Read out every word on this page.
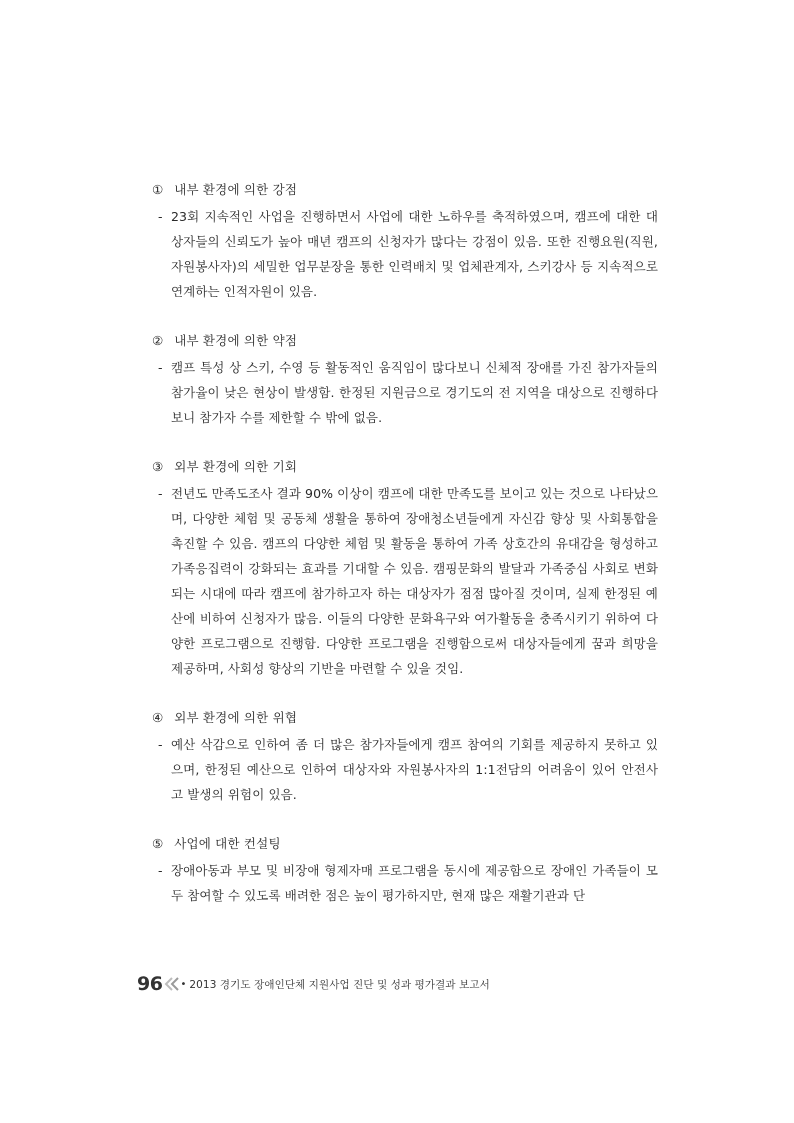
① 내부 환경에 의한 강점

- 23회 지속적인 사업을 진행하면서 사업에 대한 노하우를 축적하였으며, 캠프에 대한 대상자들의 신뢰도가 높아 매년 캠프의 신청자가 많다는 강점이 있음. 또한 진행요원(직원, 자원봉사자)의 세밀한 업무분장을 통한 인력배치 및 업체관계자, 스키강사 등 지속적으로 연계하는 인적자원이 있음.

② 내부 환경에 의한 약점

- 캠프 특성 상 스키, 수영 등 활동적인 움직임이 많다보니 신체적 장애를 가진 참가자들의 참가율이 낮은 현상이 발생함. 한정된 지원금으로 경기도의 전 지역을 대상으로 진행하다보니 참가자 수를 제한할 수 밖에 없음.

③ 외부 환경에 의한 기회

- 전년도 만족도조사 결과 90% 이상이 캠프에 대한 만족도를 보이고 있는 것으로 나타났으며, 다양한 체험 및 공동체 생활을 통하여 장애청소년들에게 자신감 향상 및 사회통합을 촉진할 수 있음. 캠프의 다양한 체험 및 활동을 통하여 가족 상호간의 유대감을 형성하고 가족응집력이 강화되는 효과를 기대할 수 있음. 캠핑문화의 발달과 가족중심 사회로 변화되는 시대에 따라 캠프에 참가하고자 하는 대상자가 점점 많아질 것이며, 실제 한정된 예산에 비하여 신청자가 많음. 이들의 다양한 문화욕구와 여가활동을 충족시키기 위하여 다양한 프로그램으로 진행함. 다양한 프로그램을 진행함으로써 대상자들에게 꿈과 희망을 제공하며, 사회성 향상의 기반을 마련할 수 있을 것임.

④ 외부 환경에 의한 위협

- 예산 삭감으로 인하여 좀 더 많은 참가자들에게 캠프 참여의 기회를 제공하지 못하고 있으며, 한정된 예산으로 인하여 대상자와 자원봉사자의 1:1전담의 어려움이 있어 안전사고 발생의 위험이 있음.

⑤ 사업에 대한 컨설팅

- 장애아동과 부모 및 비장애 형제자매 프로그램을 동시에 제공함으로 장애인 가족들이 모두 참여할 수 있도록 배려한 점은 높이 평가하지만, 현재 많은 재활기관과 단

96 • 2013 경기도 장애인단체 지원사업 진단 및 성과 평가결과 보고서
